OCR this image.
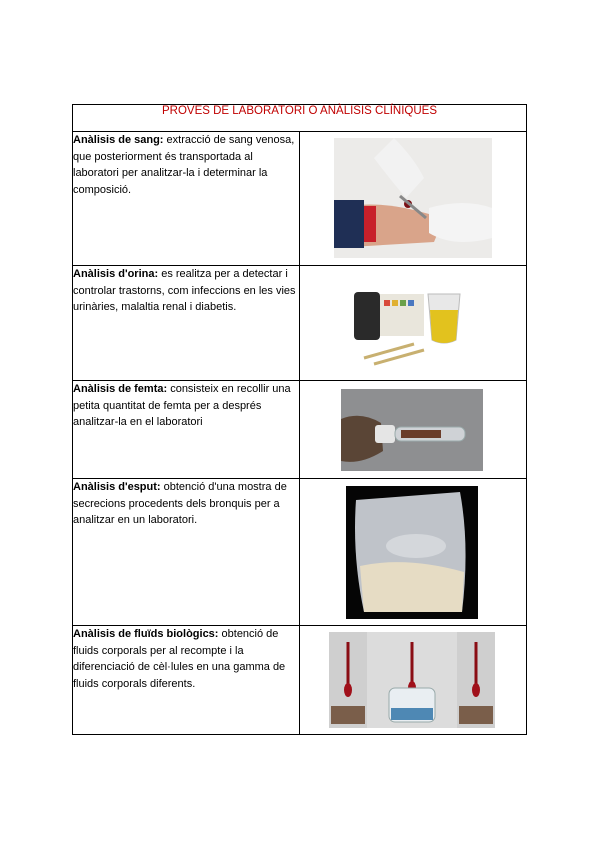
PROVES DE LABORATORI O ANÀLISIS CLÍNIQUES	
Anàlisis de sang: extracció de sang venosa, que posteriorment és transportada al laboratori per analitzar-la i determinar la composició.	

Anàlisis d'orina: es realitza per a detectar i controlar trastorns, com infeccions en les vies urinàries, malaltia renal i diabetis.	

Anàlisis de femta: consisteix en recollir una petita quantitat de femta per a després analitzar-la en el laboratori	

Anàlisis d'esput: obtenció d'una mostra de secrecions procedents dels bronquis per a analitzar en un laboratori.	

Anàlisis de fluïds biològics: obtenció de fluids corporals per al recompte i la diferenciació de cèl·lules en una gamma de fluids corporals diferents.	
